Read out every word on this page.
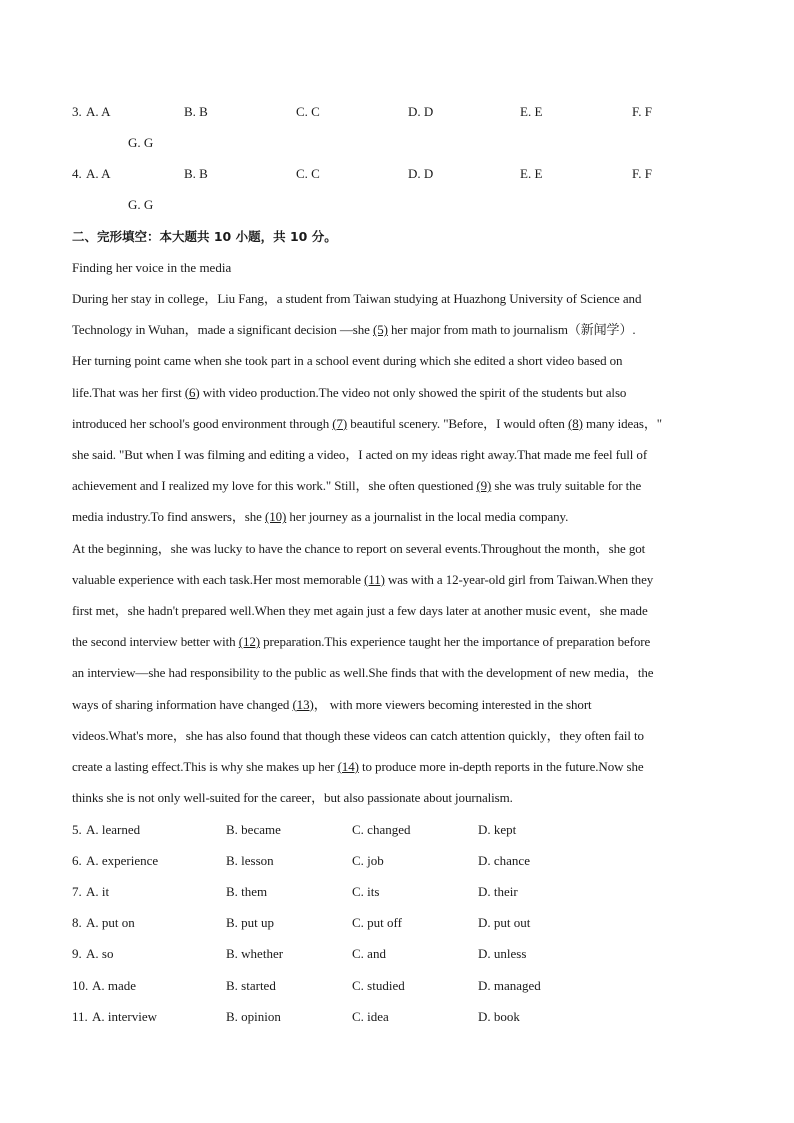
3. A. A	B. B	C. C	D. D	E. E	F. F
G. G
4. A. A	B. B	C. C	D. D	E. E	F. F
G. G
二、完形填空：本大题共 10 小题，共 10 分。
Finding her voice in the media
During her stay in college，Liu Fang，a student from Taiwan studying at Huazhong University of Science and
Technology in Wuhan，made a significant decision —she (5) her major from math to journalism（新闻学）.
Her turning point came when she took part in a school event during which she edited a short video based on
life.That was her first (6) with video production.The video not only showed the spirit of the students but also
introduced her school's good environment through (7) beautiful scenery. "Before，I would often (8) many ideas，"
she said. "But when I was filming and editing a video，I acted on my ideas right away.That made me feel full of
achievement and I realized my love for this work." Still，she often questioned (9) she was truly suitable for the
media industry.To find answers，she (10) her journey as a journalist in the local media company.
At the beginning，she was lucky to have the chance to report on several events.Throughout the month，she got
valuable experience with each task.Her most memorable (11) was with a 12-year-old girl from Taiwan.When they
first met，she hadn't prepared well.When they met again just a few days later at another music event，she made
the second interview better with (12) preparation.This experience taught her the importance of preparation before
an interview—she had responsibility to the public as well.She finds that with the development of new media，the
ways of sharing information have changed (13)， with more viewers becoming interested in the short
videos.What's more，she has also found that though these videos can catch attention quickly，they often fail to
create a lasting effect.This is why she makes up her (14) to produce more in-depth reports in the future.Now she
thinks she is not only well-suited for the career，but also passionate about journalism.
5. A. learned	B. became	C. changed	D. kept
6. A. experience	B. lesson	C. job	D. chance
7. A. it	B. them	C. its	D. their
8. A. put on	B. put up	C. put off	D. put out
9. A. so	B. whether	C. and	D. unless
10. A. made	B. started	C. studied	D. managed
11. A. interview	B. opinion	C. idea	D. book
